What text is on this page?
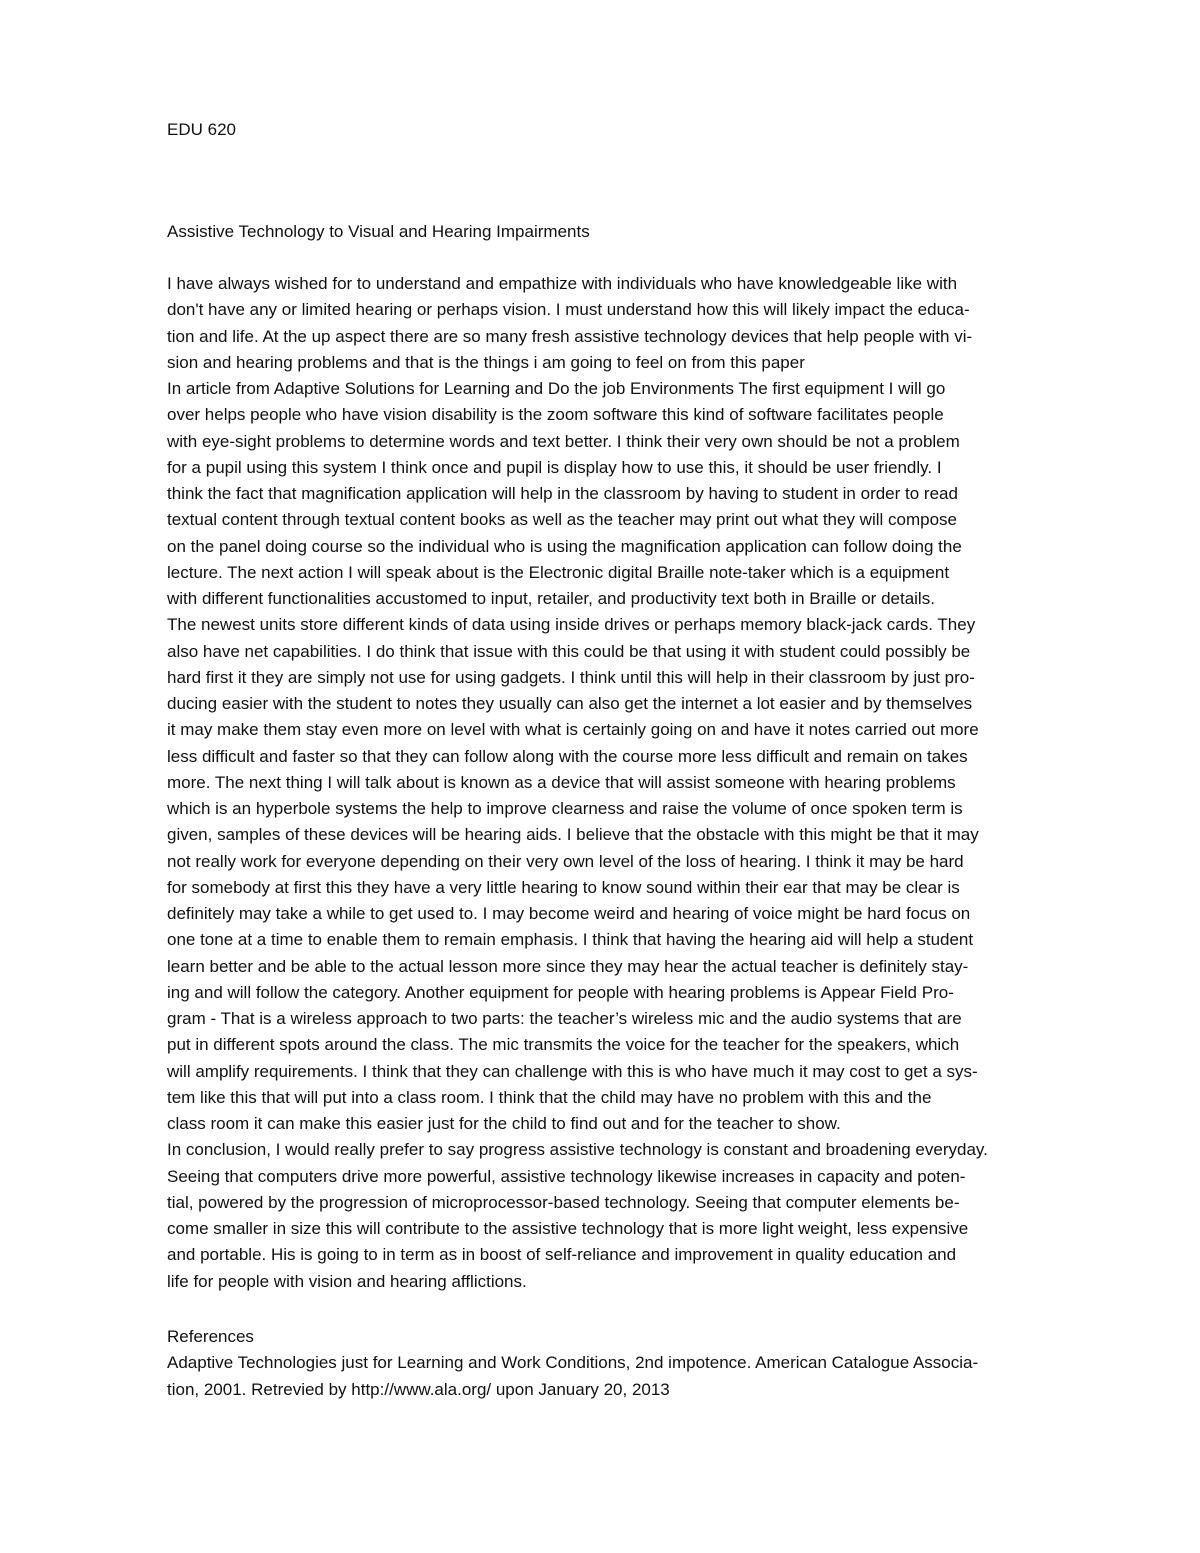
EDU 620
Assistive Technology to Visual and Hearing Impairments
I have always wished for to understand and empathize with individuals who have knowledgeable like with
don't have any or limited hearing or perhaps vision. I must understand how this will likely impact the educa-
tion and life. At the up aspect there are so many fresh assistive technology devices that help people with vi-
sion and hearing problems and that is the things i am going to feel on from this paper
In article from Adaptive Solutions for Learning and Do the job Environments The first equipment I will go
over helps people who have vision disability is the zoom software this kind of software facilitates people
with eye-sight problems to determine words and text better. I think their very own should be not a problem
for a pupil using this system I think once and pupil is display how to use this, it should be user friendly. I
think the fact that magnification application will help in the classroom by having to student in order to read
textual content through textual content books as well as the teacher may print out what they will compose
on the panel doing course so the individual who is using the magnification application can follow doing the
lecture. The next action I will speak about is the Electronic digital Braille note-taker which is a equipment
with different functionalities accustomed to input, retailer, and productivity text both in Braille or details.
The newest units store different kinds of data using inside drives or perhaps memory black-jack cards. They
also have net capabilities. I do think that issue with this could be that using it with student could possibly be
hard first it they are simply not use for using gadgets. I think until this will help in their classroom by just pro-
ducing easier with the student to notes they usually can also get the internet a lot easier and by themselves
it may make them stay even more on level with what is certainly going on and have it notes carried out more
less difficult and faster so that they can follow along with the course more less difficult and remain on takes
more. The next thing I will talk about is known as a device that will assist someone with hearing problems
which is an hyperbole systems the help to improve clearness and raise the volume of once spoken term is
given, samples of these devices will be hearing aids. I believe that the obstacle with this might be that it may
not really work for everyone depending on their very own level of the loss of hearing. I think it may be hard
for somebody at first this they have a very little hearing to know sound within their ear that may be clear is
definitely may take a while to get used to. I may become weird and hearing of voice might be hard focus on
one tone at a time to enable them to remain emphasis. I think that having the hearing aid will help a student
learn better and be able to the actual lesson more since they may hear the actual teacher is definitely stay-
ing and will follow the category. Another equipment for people with hearing problems is Appear Field Pro-
gram - That is a wireless approach to two parts: the teacher’s wireless mic and the audio systems that are
put in different spots around the class. The mic transmits the voice for the teacher for the speakers, which
will amplify requirements. I think that they can challenge with this is who have much it may cost to get a sys-
tem like this that will put into a class room. I think that the child may have no problem with this and the
class room it can make this easier just for the child to find out and for the teacher to show.
In conclusion, I would really prefer to say progress assistive technology is constant and broadening everyday.
Seeing that computers drive more powerful, assistive technology likewise increases in capacity and poten-
tial, powered by the progression of microprocessor-based technology. Seeing that computer elements be-
come smaller in size this will contribute to the assistive technology that is more light weight, less expensive
and portable. His is going to in term as in boost of self-reliance and improvement in quality education and
life for people with vision and hearing afflictions.
References
Adaptive Technologies just for Learning and Work Conditions, 2nd impotence. American Catalogue Associa-
tion, 2001. Retrevied by http://www.ala.org/ upon January 20, 2013
